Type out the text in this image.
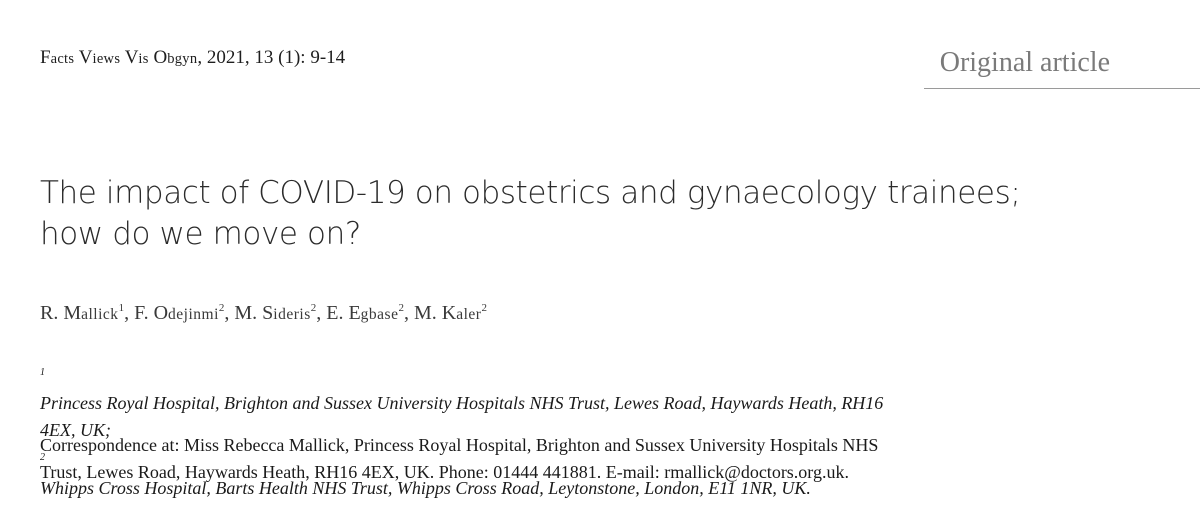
Facts Views Vis Obgyn, 2021, 13 (1): 9-14	Original article
The impact of COVID-19 on obstetrics and gynaecology trainees;
how do we move on?
R. Mallick$^1$, F. Odejinmi$^2$, M. Sideris$^2$, E. Egbase$^2$, M. Kaler$^2$
$^1$
Princess Royal Hospital, Brighton and Sussex University Hospitals NHS Trust, Lewes Road, Haywards Heath, RH16
4EX, UK;
$^2$
Whipps Cross Hospital, Barts Health NHS Trust, Whipps Cross Road, Leytonstone, London, E11 1NR, UK.
Correspondence at: Miss Rebecca Mallick, Princess Royal Hospital, Brighton and Sussex University Hospitals NHS
Trust, Lewes Road, Haywards Heath, RH16 4EX, UK. Phone: 01444 441881. E-mail: rmallick@doctors.org.uk.
